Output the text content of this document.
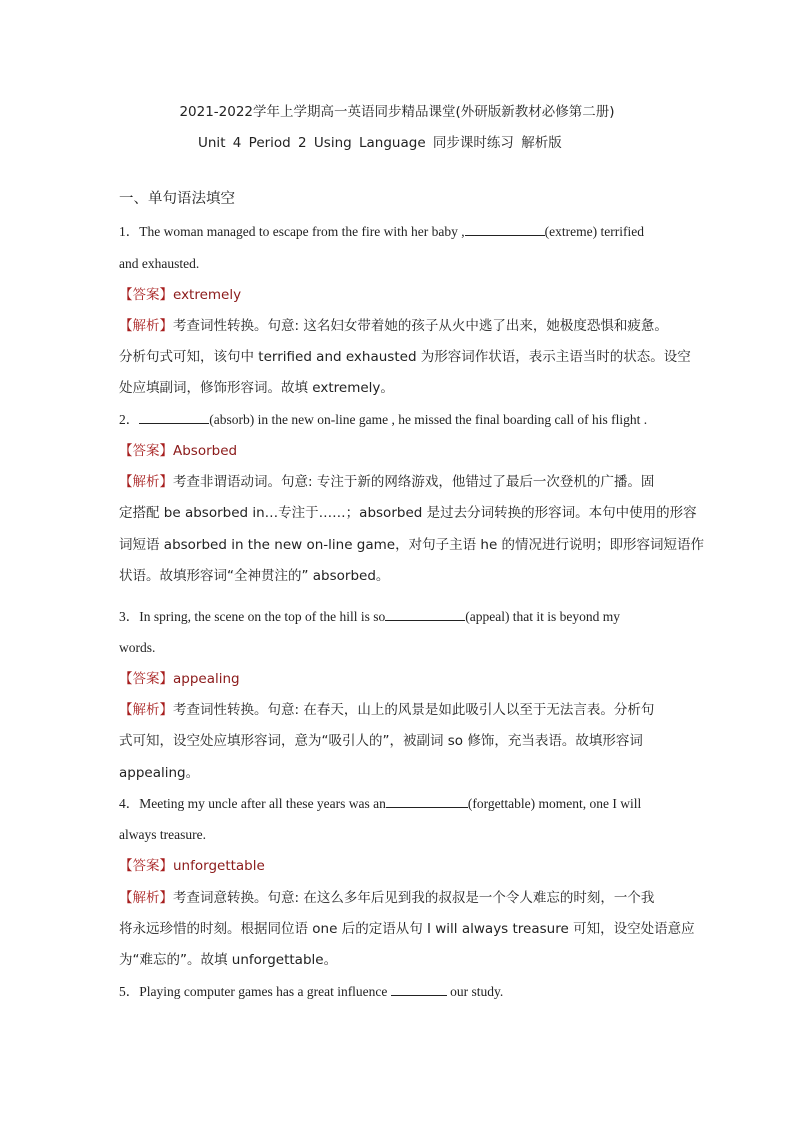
2021-2022学年上学期高一英语同步精品课堂(外研版新教材必修第二册)
Unit 4 Period 2 Using Language 同步课时练习 解析版
一、单句语法填空
1．The woman managed to escape from the fire with her baby ,	(extreme) terrified
and exhausted.
【答案】extremely
【解析】考查词性转换。句意: 这名妇女带着她的孩子从火中逃了出来，她极度恐惧和疲惫。
分析句式可知，该句中 terrified and exhausted 为形容词作状语，表示主语当时的状态。设空
处应填副词，修饰形容词。故填 extremely。
2．	(absorb) in the new on-line game , he missed the final boarding call of his flight .
【答案】Absorbed
【解析】考查非谓语动词。句意: 专注于新的网络游戏，他错过了最后一次登机的广播。固
定搭配 be absorbed in…专注于……；absorbed 是过去分词转换的形容词。本句中使用的形容
词短语 absorbed in the new on-line game，对句子主语 he 的情况进行说明；即形容词短语作
状语。故填形容词“全神贯注的” absorbed。
3．In spring, the scene on the top of the hill is so	(appeal) that it is beyond my
words.
【答案】appealing
【解析】考查词性转换。句意: 在春天，山上的风景是如此吸引人以至于无法言表。分析句
式可知，设空处应填形容词，意为“吸引人的”，被副词 so 修饰，充当表语。故填形容词
appealing。
4．Meeting my uncle after all these years was an	(forgettable) moment, one I will
always treasure.
【答案】unforgettable
【解析】考查词意转换。句意: 在这么多年后见到我的叔叔是一个令人难忘的时刻，一个我
将永远珍惜的时刻。根据同位语 one 后的定语从句 I will always treasure 可知，设空处语意应
为“难忘的”。故填 unforgettable。
5．Playing computer games has a great influence	our study.
